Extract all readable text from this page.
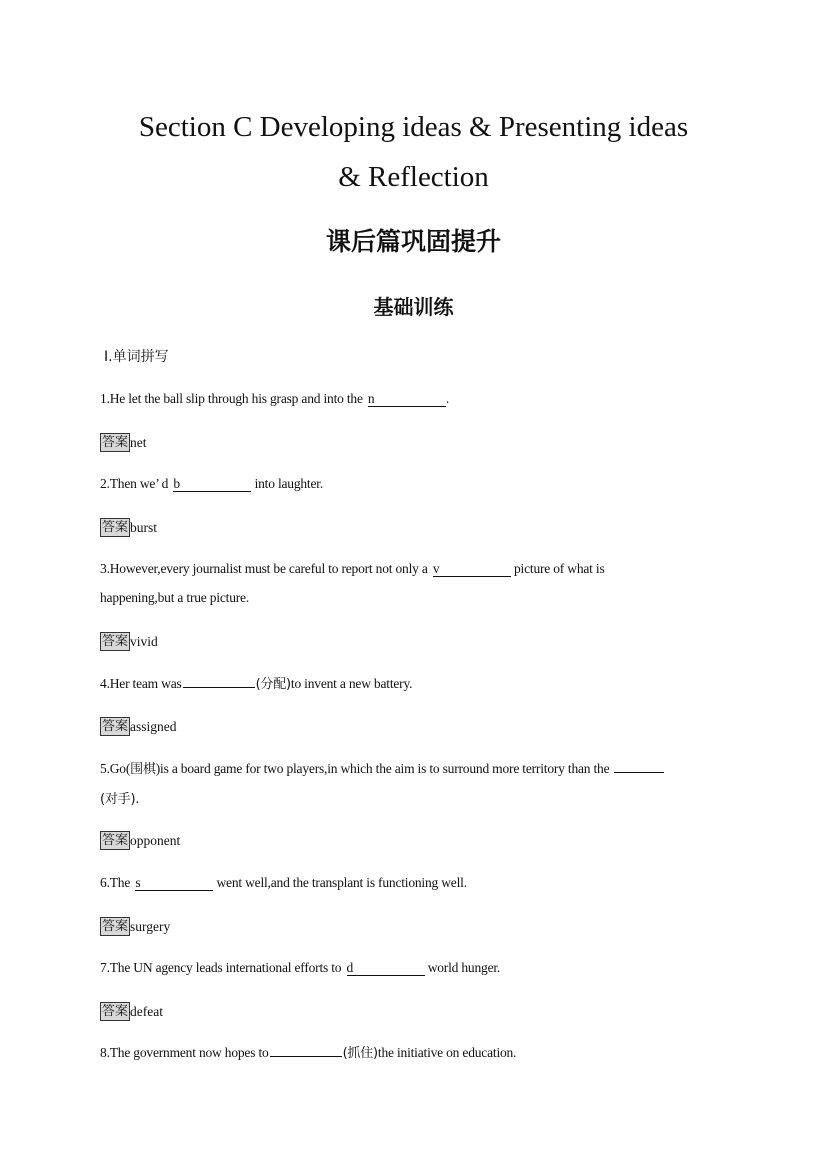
Section C Developing ideas & Presenting ideas
& Reflection
课后篇巩固提升
基础训练
Ⅰ.单词拼写
1.He let the ball slip through his grasp and into the n	.
答案 net
2.Then we’ d b	into laughter.
答案 burst
3.However,every journalist must be careful to report not only a v	picture of what is
happening,but a true picture.
答案 vivid
4.Her team was	(分配)to invent a new battery.
答案 assigned
5.Go(围棋)is a board game for two players,in which the aim is to surround more territory than the
(对手).
答案 opponent
6.The s	went well,and the transplant is functioning well.
答案 surgery
7.The UN agency leads international efforts to d	world hunger.
答案 defeat
8.The government now hopes to	(抓住)the initiative on education.
